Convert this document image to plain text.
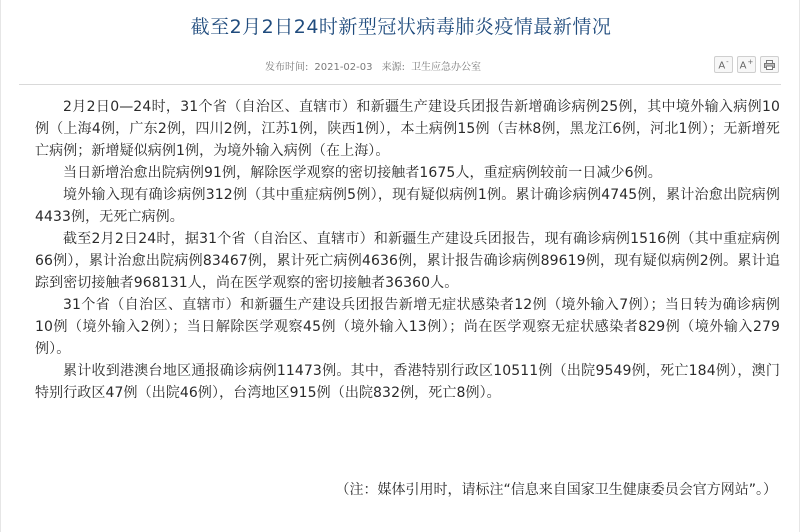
截至2月2日24时新型冠状病毒肺炎疫情最新情况
发布时间: 2021-02-03 来源: 卫生应急办公室	A- A+

2月2日0—24时，31个省（自治区、直辖市）和新疆生产建设兵团报告新增确诊病例25例，其中境外输入病例10例（上海4例，广东2例，四川2例，江苏1例，陕西1例），本土病例15例（吉林8例，黑龙江6例，河北1例）；无新增死亡病例；新增疑似病例1例，为境外输入病例（在上海）。

当日新增治愈出院病例91例，解除医学观察的密切接触者1675人，重症病例较前一日减少6例。

境外输入现有确诊病例312例（其中重症病例5例），现有疑似病例1例。累计确诊病例4745例，累计治愈出院病例4433例，无死亡病例。

截至2月2日24时，据31个省（自治区、直辖市）和新疆生产建设兵团报告，现有确诊病例1516例（其中重症病例66例），累计治愈出院病例83467例，累计死亡病例4636例，累计报告确诊病例89619例，现有疑似病例2例。累计追踪到密切接触者968131人，尚在医学观察的密切接触者36360人。

31个省（自治区、直辖市）和新疆生产建设兵团报告新增无症状感染者12例（境外输入7例）；当日转为确诊病例10例（境外输入2例）；当日解除医学观察45例（境外输入13例）；尚在医学观察无症状感染者829例（境外输入279例）。

累计收到港澳台地区通报确诊病例11473例。其中，香港特别行政区10511例（出院9549例，死亡184例），澳门特别行政区47例（出院46例），台湾地区915例（出院832例，死亡8例）。

（注：媒体引用时，请标注“信息来自国家卫生健康委员会官方网站”。）
